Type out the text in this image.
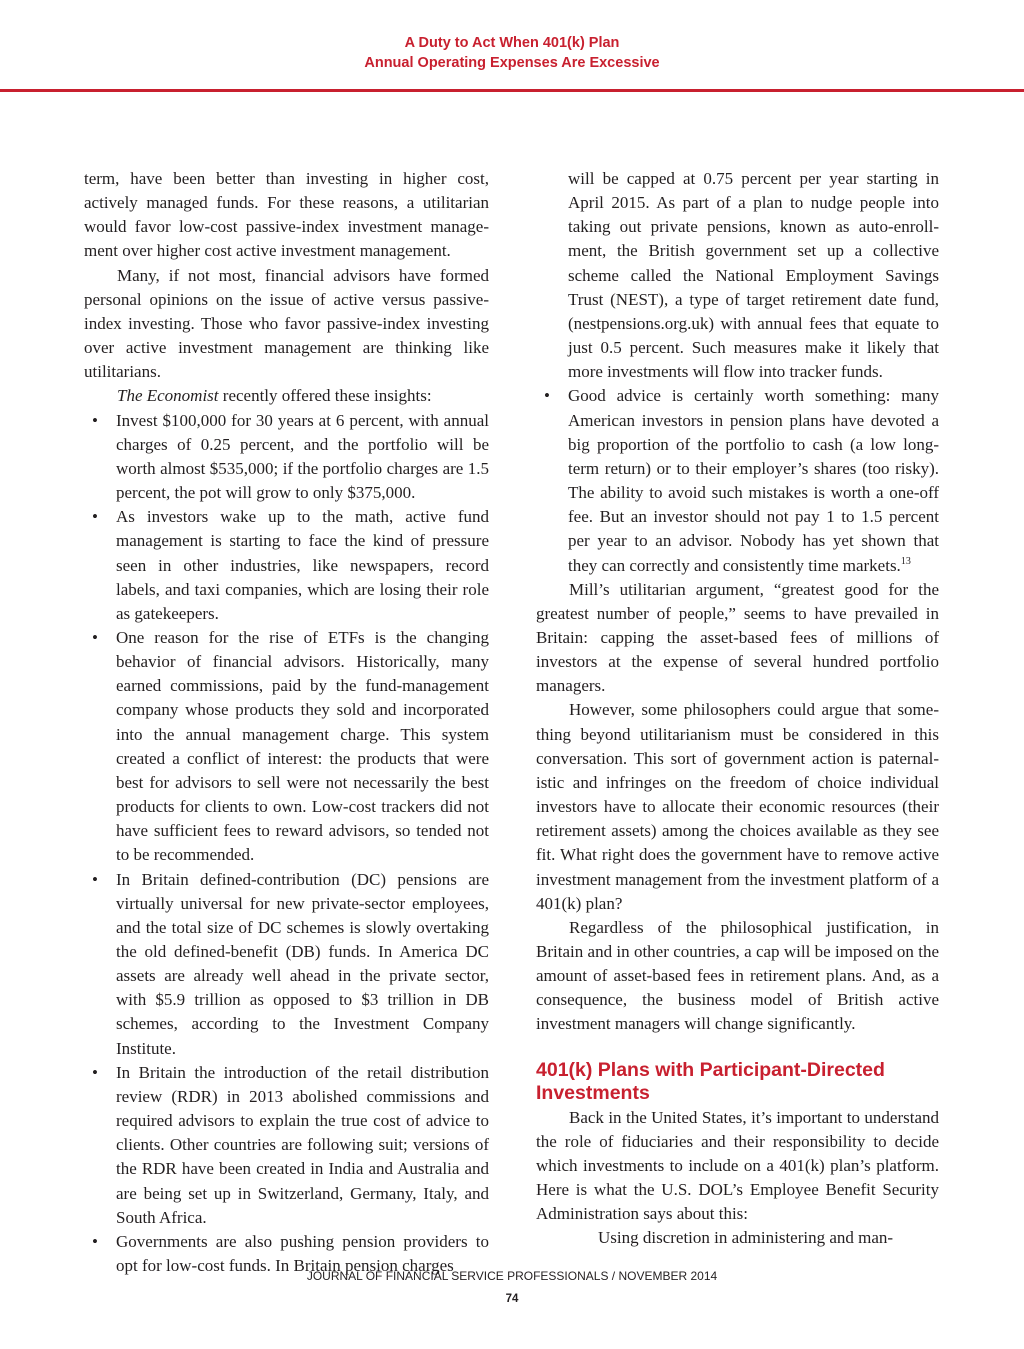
A Duty to Act When 401(k) Plan
Annual Operating Expenses Are Excessive

term, have been better than investing in higher cost, actively managed funds. For these reasons, a utilitarian would favor low-cost passive-index investment management over higher cost active investment management.

Many, if not most, financial advisors have formed personal opinions on the issue of active versus passive-index investing. Those who favor passive-index investing over active investment management are thinking like utilitarians.

The Economist recently offered these insights:

• Invest $100,000 for 30 years at 6 percent, with annual charges of 0.25 percent, and the portfolio will be worth almost $535,000; if the portfolio charges are 1.5 percent, the pot will grow to only $375,000.
• As investors wake up to the math, active fund management is starting to face the kind of pressure seen in other industries, like newspapers, record labels, and taxi companies, which are losing their role as gatekeepers.
• One reason for the rise of ETFs is the changing behavior of financial advisors. Historically, many earned commissions, paid by the fund-management company whose products they sold and incorporated into the annual management charge. This system created a conflict of interest: the products that were best for advisors to sell were not necessarily the best products for clients to own. Low-cost trackers did not have sufficient fees to reward advisors, so tended not to be recommended.
• In Britain defined-contribution (DC) pensions are virtually universal for new private-sector employees, and the total size of DC schemes is slowly overtaking the old defined-benefit (DB) funds. In America DC assets are already well ahead in the private sector, with $5.9 trillion as opposed to $3 trillion in DB schemes, according to the Investment Company Institute.
• In Britain the introduction of the retail distribution review (RDR) in 2013 abolished commissions and required advisors to explain the true cost of advice to clients. Other countries are following suit; versions of the RDR have been created in India and Australia and are being set up in Switzerland, Germany, Italy, and South Africa.
• Governments are also pushing pension providers to opt for low-cost funds. In Britain pension charges

will be capped at 0.75 percent per year starting in April 2015. As part of a plan to nudge people into taking out private pensions, known as auto-enrollment, the British government set up a collective scheme called the National Employment Savings Trust (NEST), a type of target retirement date fund, (nestpensions.org.uk) with annual fees that equate to just 0.5 percent. Such measures make it likely that more investments will flow into tracker funds.

• Good advice is certainly worth something: many American investors in pension plans have devoted a big proportion of the portfolio to cash (a low long-term return) or to their employer’s shares (too risky). The ability to avoid such mistakes is worth a one-off fee. But an investor should not pay 1 to 1.5 percent per year to an advisor. Nobody has yet shown that they can correctly and consistently time markets.$^{13}$

Mill’s utilitarian argument, “greatest good for the greatest number of people,” seems to have prevailed in Britain: capping the asset-based fees of millions of investors at the expense of several hundred portfolio managers.

However, some philosophers could argue that something beyond utilitarianism must be considered in this conversation. This sort of government action is paternalistic and infringes on the freedom of choice individual investors have to allocate their economic resources (their retirement assets) among the choices available as they see fit. What right does the government have to remove active investment management from the investment platform of a 401(k) plan?

Regardless of the philosophical justification, in Britain and in other countries, a cap will be imposed on the amount of asset-based fees in retirement plans. And, as a consequence, the business model of British active investment managers will change significantly.

401(k) Plans with Participant-Directed Investments

Back in the United States, it’s important to understand the role of fiduciaries and their responsibility to decide which investments to include on a 401(k) plan’s platform. Here is what the U.S. DOL’s Employee Benefit Security Administration says about this:

Using discretion in administering and man-

JOURNAL OF FINANCIAL SERVICE PROFESSIONALS / NOVEMBER 2014
74
